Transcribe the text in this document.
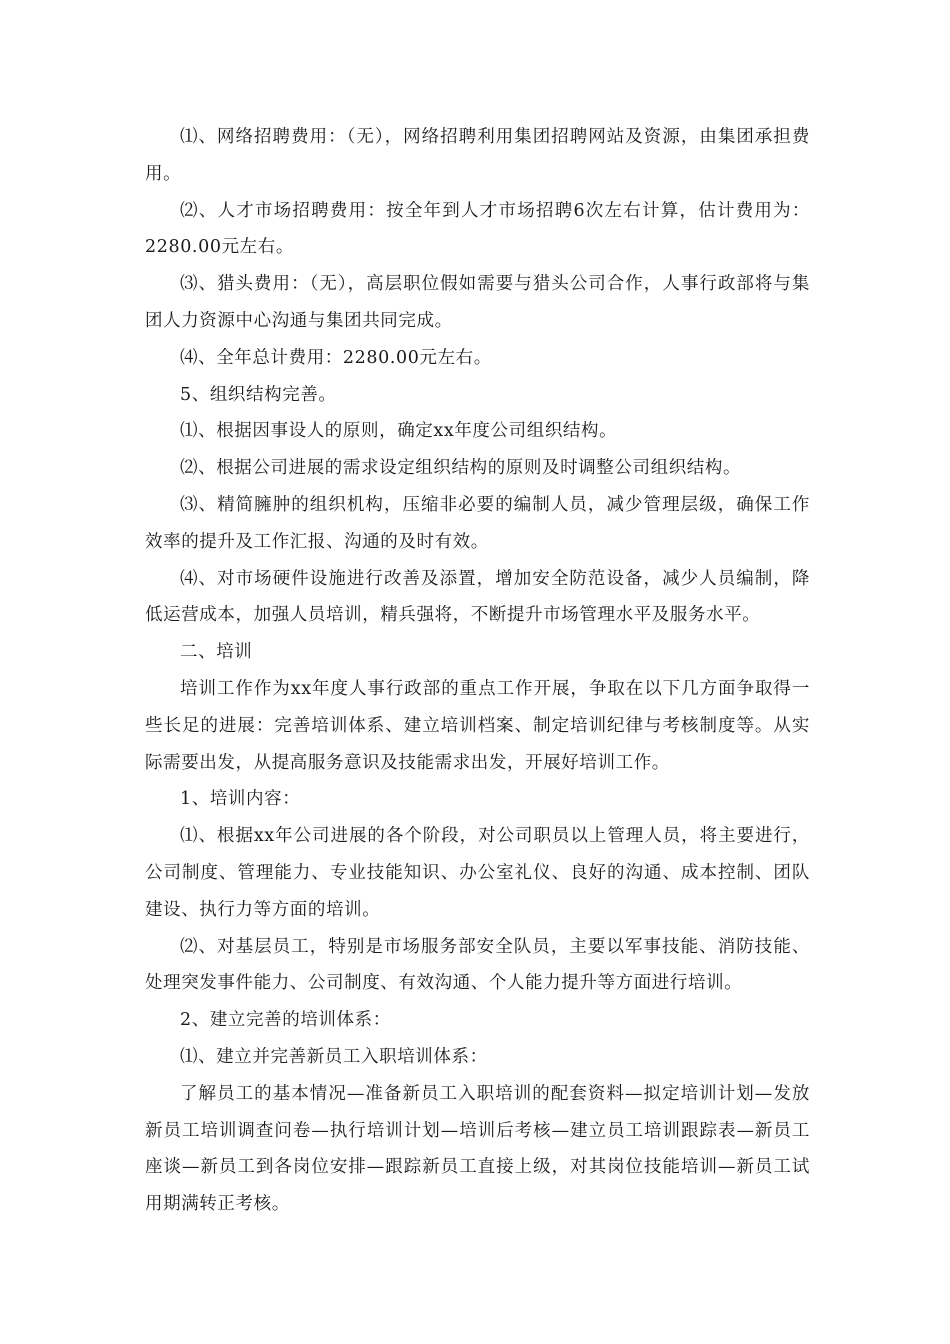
⑴、网络招聘费用：（无），网络招聘利用集团招聘网站及资源，由集团承担费用。

⑵、人才市场招聘费用：按全年到人才市场招聘6次左右计算，估计费用为：2280.00元左右。

⑶、猎头费用：（无），高层职位假如需要与猎头公司合作，人事行政部将与集团人力资源中心沟通与集团共同完成。

⑷、全年总计费用：2280.00元左右。

5、组织结构完善。

⑴、根据因事设人的原则，确定xx年度公司组织结构。

⑵、根据公司进展的需求设定组织结构的原则及时调整公司组织结构。

⑶、精简臃肿的组织机构，压缩非必要的编制人员，减少管理层级，确保工作效率的提升及工作汇报、沟通的及时有效。

⑷、对市场硬件设施进行改善及添置，增加安全防范设备，减少人员编制，降低运营成本，加强人员培训，精兵强将，不断提升市场管理水平及服务水平。

二、培训

培训工作作为xx年度人事行政部的重点工作开展，争取在以下几方面争取得一些长足的进展：完善培训体系、建立培训档案、制定培训纪律与考核制度等。从实际需要出发，从提高服务意识及技能需求出发，开展好培训工作。

1、培训内容：

⑴、根据xx年公司进展的各个阶段，对公司职员以上管理人员，将主要进行，公司制度、管理能力、专业技能知识、办公室礼仪、良好的沟通、成本控制、团队建设、执行力等方面的培训。

⑵、对基层员工，特别是市场服务部安全队员，主要以军事技能、消防技能、处理突发事件能力、公司制度、有效沟通、个人能力提升等方面进行培训。

2、建立完善的培训体系：

⑴、建立并完善新员工入职培训体系：

了解员工的基本情况—准备新员工入职培训的配套资料—拟定培训计划—发放新员工培训调查问卷—执行培训计划—培训后考核—建立员工培训跟踪表—新员工座谈—新员工到各岗位安排—跟踪新员工直接上级，对其岗位技能培训—新员工试用期满转正考核。
